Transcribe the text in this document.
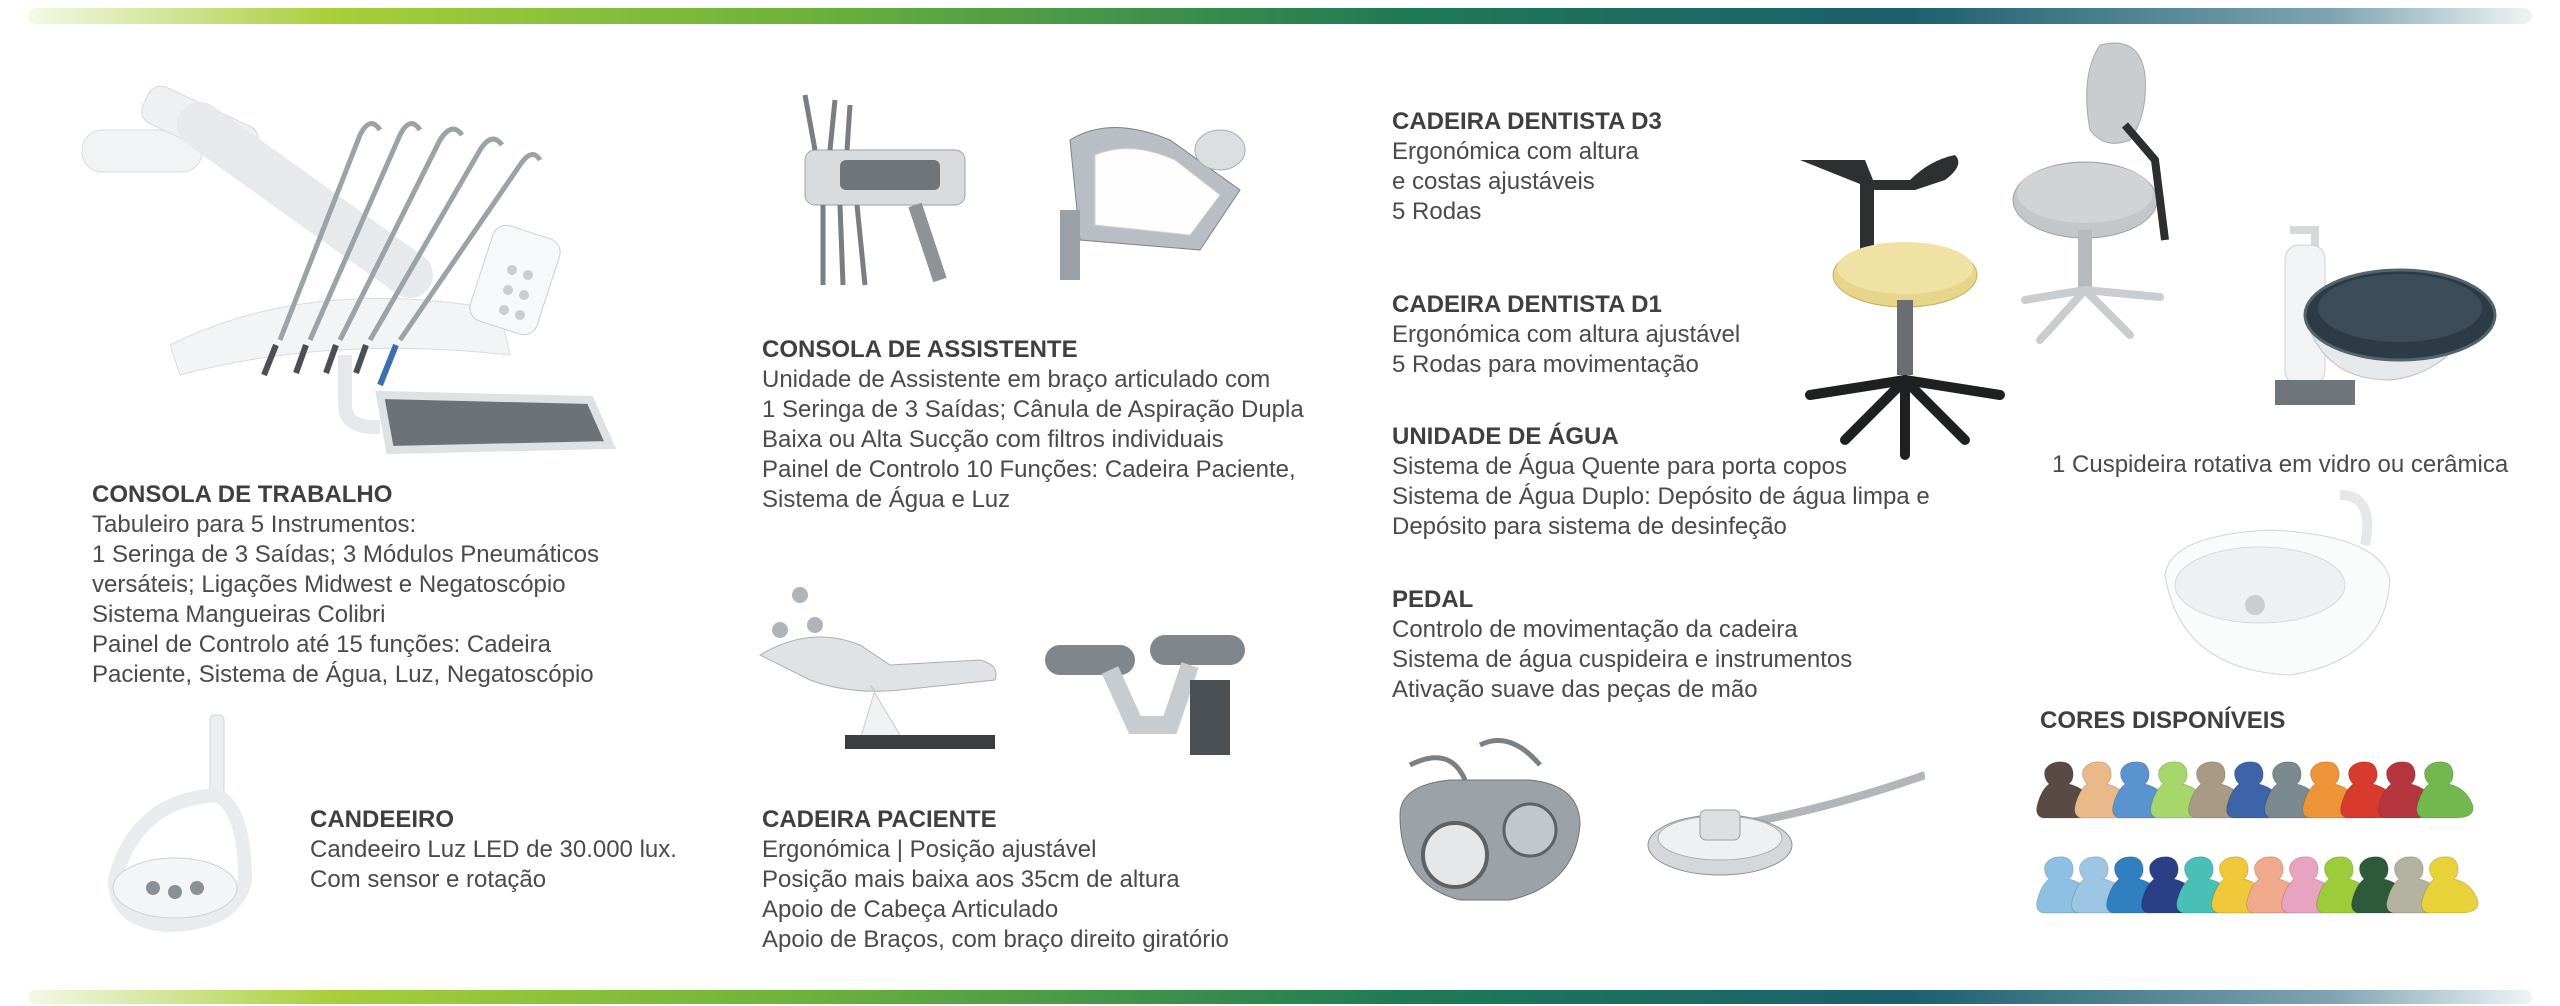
CONSOLA DE TRABALHO
Tabuleiro para 5 Instrumentos:
1 Seringa de 3 Saídas; 3 Módulos Pneumáticos
versáteis; Ligações Midwest e Negatoscópio
Sistema Mangueiras Colibri
Painel de Controlo até 15 funções: Cadeira
Paciente, Sistema de Água, Luz, Negatoscópio
CANDEEIRO
Candeeiro Luz LED de 30.000 lux.
Com sensor e rotação
CONSOLA DE ASSISTENTE
Unidade de Assistente em braço articulado com
1 Seringa de 3 Saídas; Cânula de Aspiração Dupla
Baixa ou Alta Sucção com filtros individuais
Painel de Controlo 10 Funções: Cadeira Paciente,
Sistema de Água e Luz
CADEIRA PACIENTE
Ergonómica | Posição ajustável
Posição mais baixa aos 35cm de altura
Apoio de Cabeça Articulado
Apoio de Braços, com braço direito giratório
CADEIRA DENTISTA D3
Ergonómica com altura
e costas ajustáveis
5 Rodas
CADEIRA DENTISTA D1
Ergonómica com altura ajustável
5 Rodas para movimentação
UNIDADE DE ÁGUA
Sistema de Água Quente para porta copos
Sistema de Água Duplo: Depósito de água limpa e
Depósito para sistema de desinfeção
PEDAL
Controlo de movimentação da cadeira
Sistema de água cuspideira e instrumentos
Ativação suave das peças de mão
1 Cuspideira rotativa em vidro ou cerâmica
CORES DISPONÍVEIS
